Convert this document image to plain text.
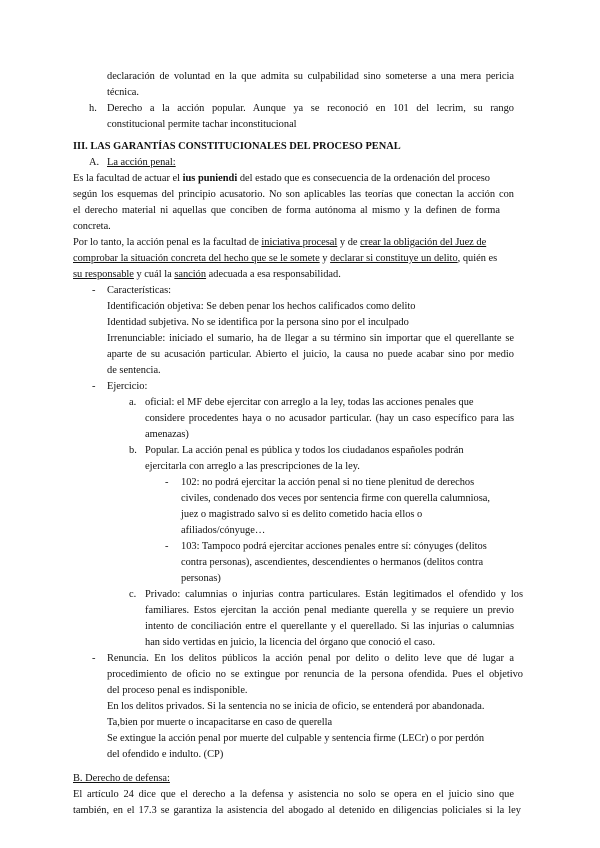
declaración de voluntad en la que admita su culpabilidad sino someterse a una mera pericia
técnica.
h. Derecho a la acción popular. Aunque ya se reconoció en 101 del lecrim, su rango
constitucional permite tachar inconstitucional
III. LAS GARANTÍAS CONSTITUCIONALES DEL PROCESO PENAL
A. La acción penal:
Es la facultad de actuar el ius puniendi del estado que es consecuencia de la ordenación del proceso
según los esquemas del principio acusatorio. No son aplicables las teorías que conectan la acción con
el derecho material ni aquellas que conciben de forma autónoma al mismo y la definen de forma
concreta.
Por lo tanto, la acción penal es la facultad de iniciativa procesal y de crear la obligación del Juez de
comprobar la situación concreta del hecho que se le somete y declarar si constituye un delito, quién es
su responsable y cuál la sanción adecuada a esa responsabilidad.
- Características:
Identificación objetiva: Se deben penar los hechos calificados como delito
Identidad subjetiva. No se identifica por la persona sino por el inculpado
Irrenunciable: iniciado el sumario, ha de llegar a su término sin importar que el querellante se
aparte de su acusación particular. Abierto el juicio, la causa no puede acabar sino por medio
de sentencia.
- Ejercicio:
a. oficial: el MF debe ejercitar con arreglo a la ley, todas las acciones penales que
considere procedentes haya o no acusador particular. (hay un caso específico para las
amenazas)
b. Popular. La acción penal es pública y todos los ciudadanos españoles podrán
ejercitarla con arreglo a las prescripciones de la ley.
- 102: no podrá ejercitar la acción penal si no tiene plenitud de derechos
civiles, condenado dos veces por sentencia firme con querella calumniosa,
juez o magistrado salvo si es delito cometido hacia ellos o
afiliados/cónyuge…
- 103: Tampoco podrá ejercitar acciones penales entre sí: cónyuges (delitos
contra personas), ascendientes, descendientes o hermanos (delitos contra
personas)
c. Privado: calumnias o injurias contra particulares. Están legitimados el ofendido y los
familiares. Estos ejercitan la acción penal mediante querella y se requiere un previo
intento de conciliación entre el querellante y el querellado. Si las injurias o calumnias
han sido vertidas en juicio, la licencia del órgano que conoció el caso.
- Renuncia. En los delitos públicos la acción penal por delito o delito leve que dé lugar a
procedimiento de oficio no se extingue por renuncia de la persona ofendida. Pues el objetivo
del proceso penal es indisponible.
En los delitos privados. Si la sentencia no se inicia de oficio, se entenderá por abandonada.
Ta,bien por muerte o incapacitarse en caso de querella
Se extingue la acción penal por muerte del culpable y sentencia firme (LECr) o por perdón
del ofendido e indulto. (CP)
B. Derecho de defensa:
El artículo 24 dice que el derecho a la defensa y asistencia no solo se opera en el juicio sino que
también, en el 17.3 se garantiza la asistencia del abogado al detenido en diligencias policiales si la ley
